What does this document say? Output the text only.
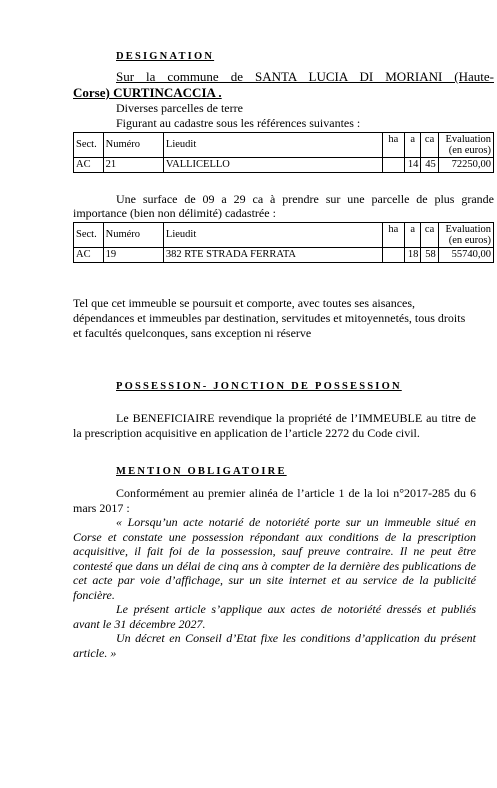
DESIGNATION
Sur la commune de SANTA LUCIA DI MORIANI (Haute-
Corse) CURTINCACCIA .
Diverses parcelles de terre
Figurant au cadastre sous les références suivantes :
Sect.	Numéro	Lieudit	ha	a	ca	Evaluation
(en euros)
AC	21	VALLICELLO		14	45	72250,00
Une surface de 09 a 29 ca à prendre sur une parcelle de plus grande importance (bien non délimité) cadastrée :
Sect.	Numéro	Lieudit	ha	a	ca	Evaluation
(en euros)
AC	19	382 RTE STRADA FERRATA		18	58	55740,00
Tel que cet immeuble se poursuit et comporte, avec toutes ses aisances, dépendances et immeubles par destination, servitudes et mitoyennetés, tous droits et facultés quelconques, sans exception ni réserve
POSSESSION- JONCTION DE POSSESSION
Le BENEFICIAIRE revendique la propriété de l’IMMEUBLE au titre de la prescription acquisitive en application de l’article 2272 du Code civil.
MENTION OBLIGATOIRE
Conformément au premier alinéa de l’article 1 de la loi n°2017-285 du 6 mars 2017 :
« Lorsqu’un acte notarié de notoriété porte sur un immeuble situé en Corse et constate une possession répondant aux conditions de la prescription acquisitive, il fait foi de la possession, sauf preuve contraire. Il ne peut être contesté que dans un délai de cinq ans à compter de la dernière des publications de cet acte par voie d’affichage, sur un site internet et au service de la publicité foncière.
Le présent article s’applique aux actes de notoriété dressés et publiés avant le 31 décembre 2027.
Un décret en Conseil d’Etat fixe les conditions d’application du présent article. »
